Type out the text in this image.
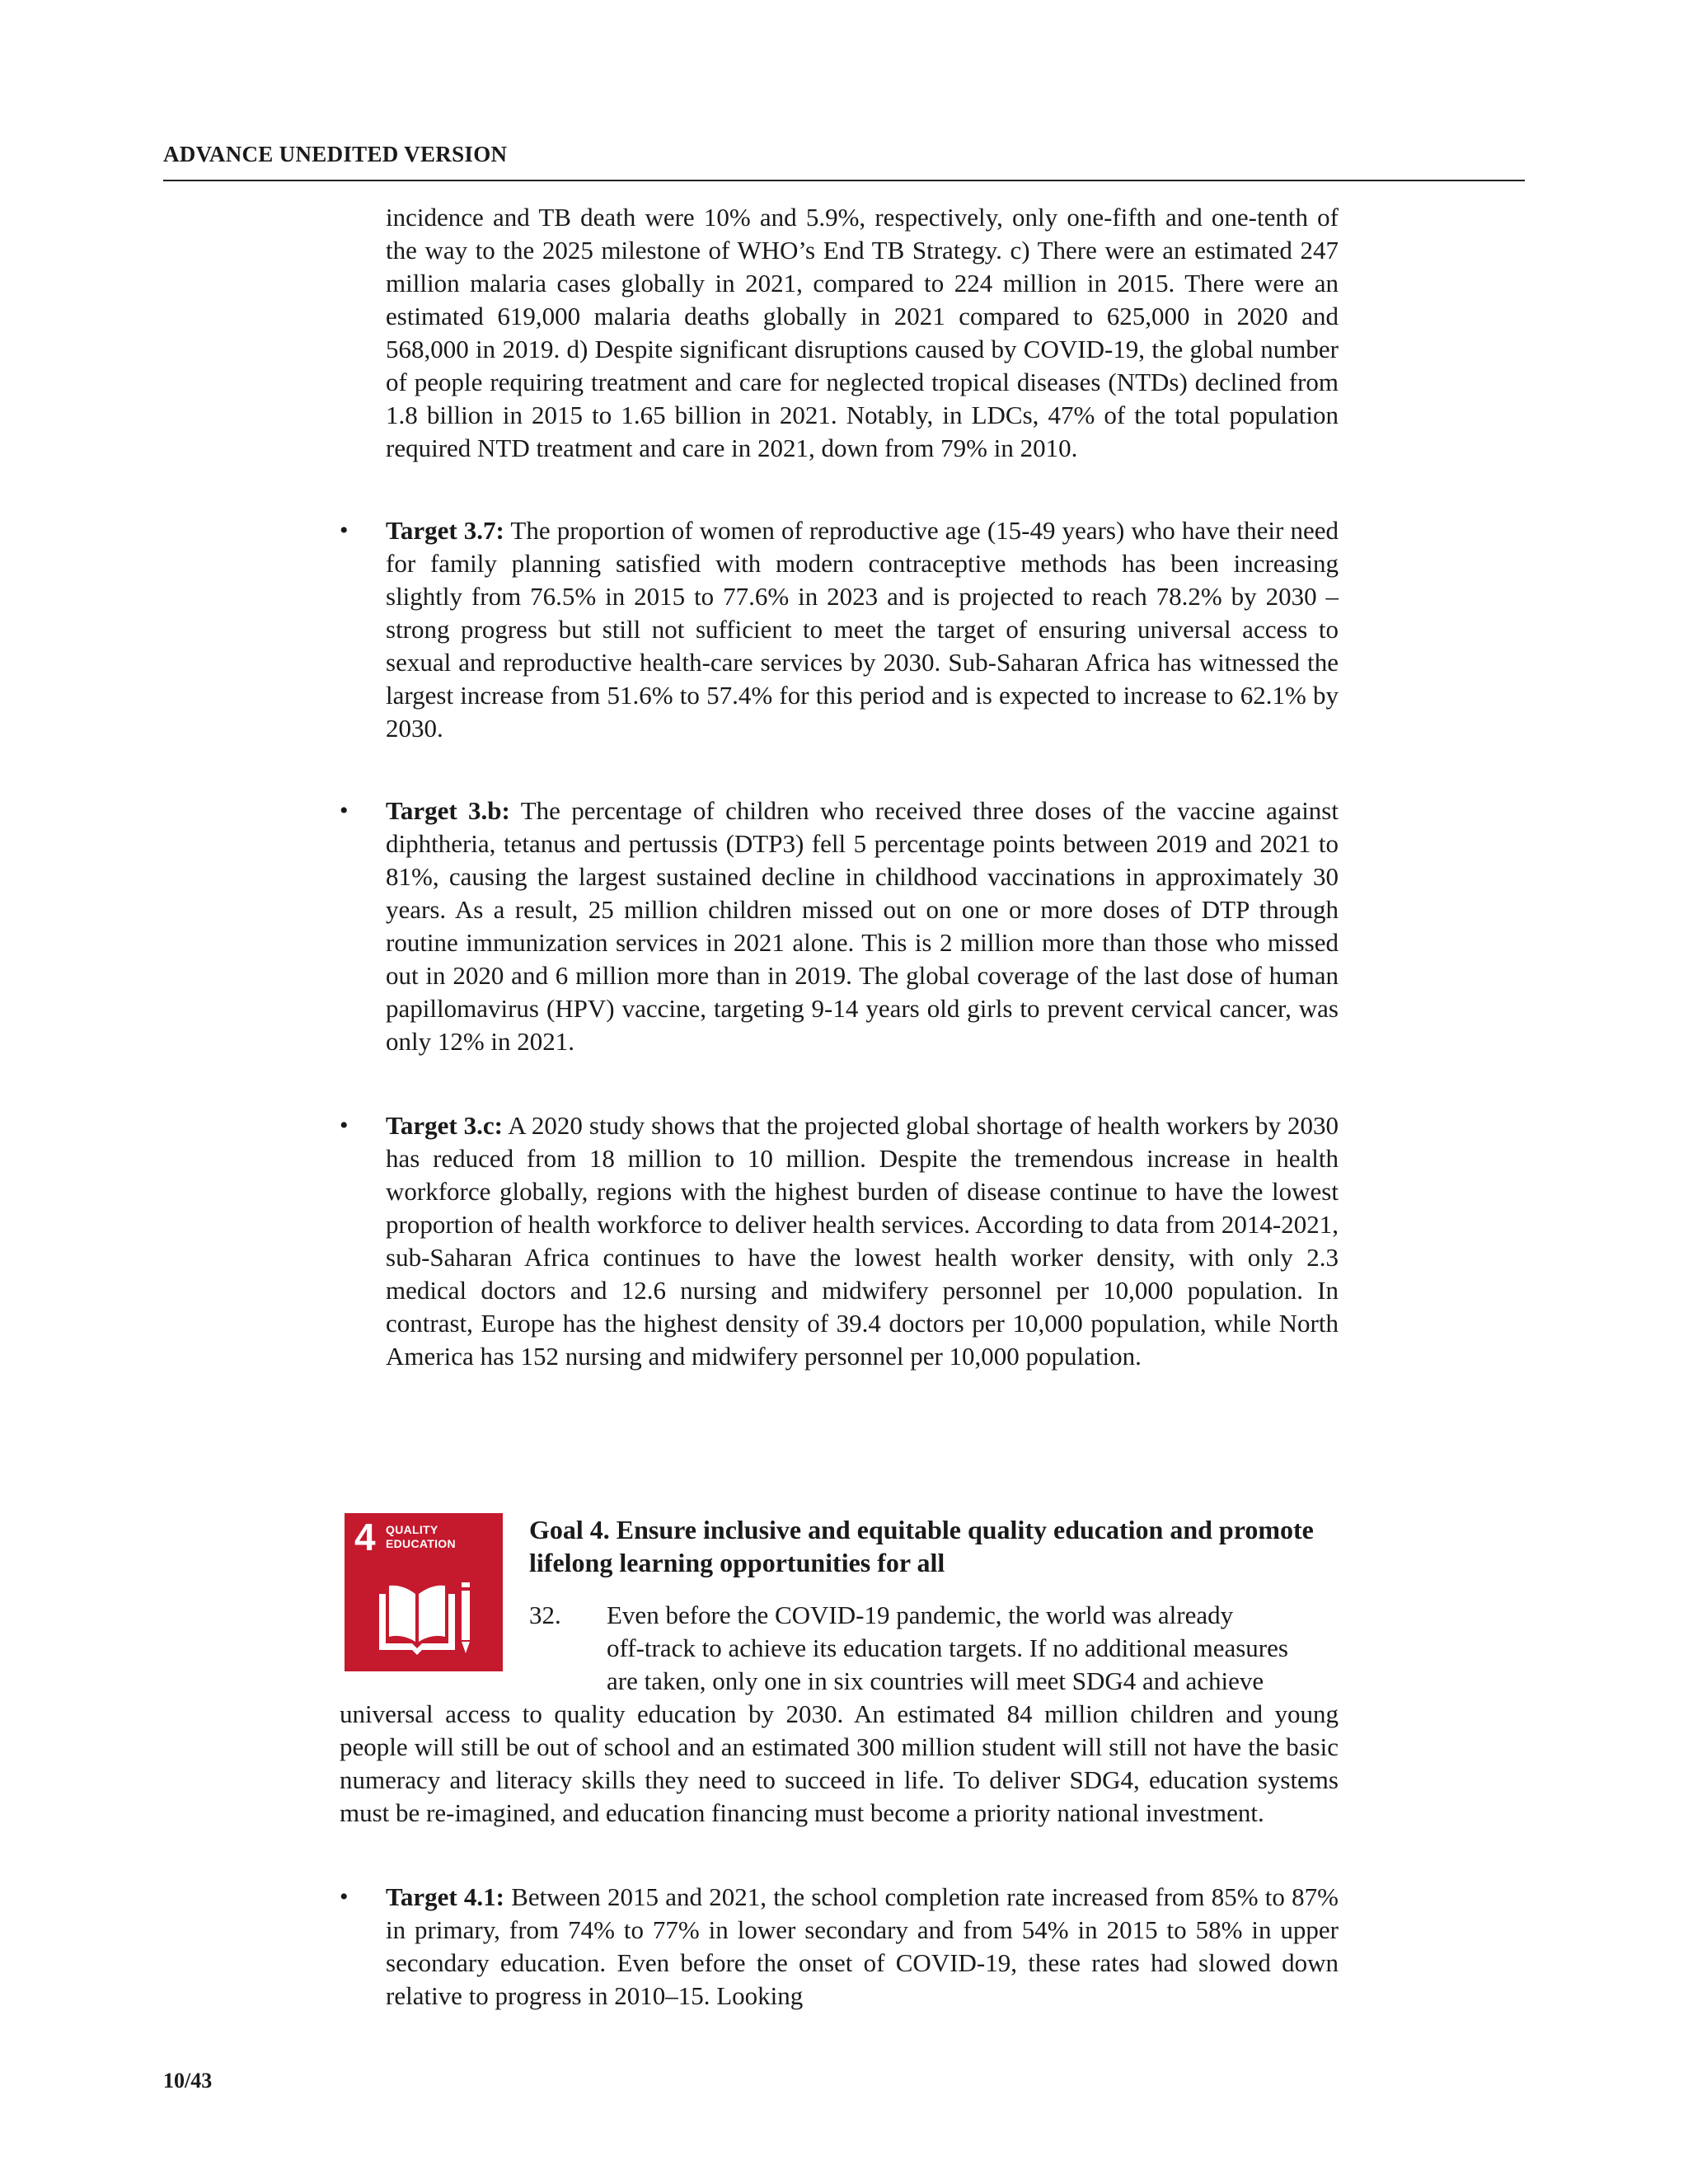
ADVANCE UNEDITED VERSION

incidence and TB death were 10% and 5.9%, respectively, only one-fifth and one-tenth of the way to the 2025 milestone of WHO’s End TB Strategy. c) There were an estimated 247 million malaria cases globally in 2021, compared to 224 million in 2015. There were an estimated 619,000 malaria deaths globally in 2021 compared to 625,000 in 2020 and 568,000 in 2019. d) Despite significant disruptions caused by COVID-19, the global number of people requiring treatment and care for neglected tropical diseases (NTDs) declined from 1.8 billion in 2015 to 1.65 billion in 2021. Notably, in LDCs, 47% of the total population required NTD treatment and care in 2021, down from 79% in 2010.

• Target 3.7: The proportion of women of reproductive age (15-49 years) who have their need for family planning satisfied with modern contraceptive methods has been increasing slightly from 76.5% in 2015 to 77.6% in 2023 and is projected to reach 78.2% by 2030 – strong progress but still not sufficient to meet the target of ensuring universal access to sexual and reproductive health-care services by 2030. Sub-Saharan Africa has witnessed the largest increase from 51.6% to 57.4% for this period and is expected to increase to 62.1% by 2030.

• Target 3.b: The percentage of children who received three doses of the vaccine against diphtheria, tetanus and pertussis (DTP3) fell 5 percentage points between 2019 and 2021 to 81%, causing the largest sustained decline in childhood vaccinations in approximately 30 years. As a result, 25 million children missed out on one or more doses of DTP through routine immunization services in 2021 alone. This is 2 million more than those who missed out in 2020 and 6 million more than in 2019. The global coverage of the last dose of human papillomavirus (HPV) vaccine, targeting 9-14 years old girls to prevent cervical cancer, was only 12% in 2021.

• Target 3.c: A 2020 study shows that the projected global shortage of health workers by 2030 has reduced from 18 million to 10 million. Despite the tremendous increase in health workforce globally, regions with the highest burden of disease continue to have the lowest proportion of health workforce to deliver health services. According to data from 2014-2021, sub-Saharan Africa continues to have the lowest health worker density, with only 2.3 medical doctors and 12.6 nursing and midwifery personnel per 10,000 population. In contrast, Europe has the highest density of 39.4 doctors per 10,000 population, while North America has 152 nursing and midwifery personnel per 10,000 population.

4 QUALITY
EDUCATION	Goal 4. Ensure inclusive and equitable quality education and promote lifelong learning opportunities for all

32. Even before the COVID-19 pandemic, the world was already
off-track to achieve its education targets. If no additional measures
are taken, only one in six countries will meet SDG4 and achieve

universal access to quality education by 2030. An estimated 84 million children and young people will still be out of school and an estimated 300 million student will still not have the basic numeracy and literacy skills they need to succeed in life. To deliver SDG4, education systems must be re-imagined, and education financing must become a priority national investment.

• Target 4.1: Between 2015 and 2021, the school completion rate increased from 85% to 87% in primary, from 74% to 77% in lower secondary and from 54% in 2015 to 58% in upper secondary education. Even before the onset of COVID-19, these rates had slowed down relative to progress in 2010–15. Looking

10/43
